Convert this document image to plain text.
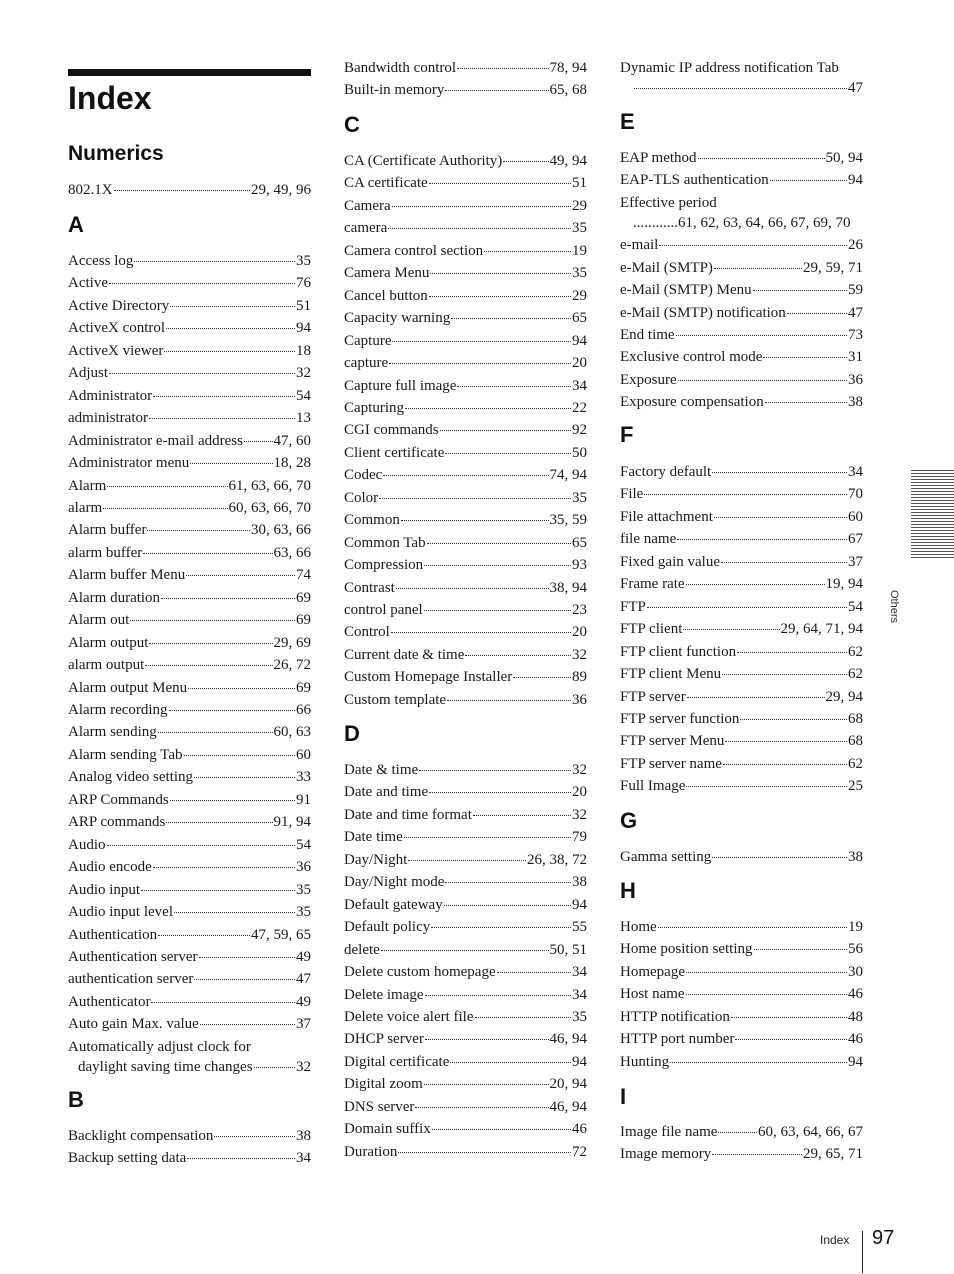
Index
Numerics
802.1X	29, 49, 96
A
Access log	35
Active	76
Active Directory	51
ActiveX control	94
ActiveX viewer	18
Adjust	32
Administrator	54
administrator	13
Administrator e-mail address 47, 60
Administrator menu	18, 28
Alarm	61, 63, 66, 70
alarm	60, 63, 66, 70
Alarm buffer	30, 63, 66
alarm buffer	63, 66
Alarm buffer Menu	74
Alarm duration	69
Alarm out	69
Alarm output	29, 69
alarm output	26, 72
Alarm output Menu	69
Alarm recording	66
Alarm sending	60, 63
Alarm sending Tab	60
Analog video setting	33
ARP Commands	91
ARP commands	91, 94
Audio	54
Audio encode	36
Audio input	35
Audio input level	35
Authentication	47, 59, 65
Authentication server	49
authentication server	47
Authenticator	49
Auto gain Max. value	37
Automatically adjust clock for
daylight saving time changes	32
B
Backlight compensation	38
Backup setting data	34
Bandwidth control	78, 94
Built-in memory	65, 68
C
CA (Certificate Authority)	49, 94
CA certificate	51
Camera	29
camera	35
Camera control section	19
Camera Menu	35
Cancel button	29
Capacity warning	65
Capture	94
capture	20
Capture full image	34
Capturing	22
CGI commands	92
Client certificate	50
Codec	74, 94
Color	35
Common	35, 59
Common Tab	65
Compression	93
Contrast	38, 94
control panel	23
Control	20
Current date & time	32
Custom Homepage Installer	89
Custom template	36
D
Date & time	32
Date and time	20
Date and time format	32
Date time	79
Day/Night	26, 38, 72
Day/Night mode	38
Default gateway	94
Default policy	55
delete	50, 51
Delete custom homepage	34
Delete image	34
Delete voice alert file	35
DHCP server	46, 94
Digital certificate	94
Digital zoom	20, 94
DNS server	46, 94
Domain suffix	46
Duration	72
Dynamic IP address notification Tab
47
E
EAP method	50, 94
EAP-TLS authentication	94
Effective period
............ 61, 62, 63, 64, 66, 67, 69, 70
e-mail	26
e-Mail (SMTP)	29, 59, 71
e-Mail (SMTP) Menu	59
e-Mail (SMTP) notification	47
End time	73
Exclusive control mode	31
Exposure	36
Exposure compensation	38
F
Factory default	34
File	70
File attachment	60
file name	67
Fixed gain value	37
Frame rate	19, 94
FTP	54
FTP client	29, 64, 71, 94
FTP client function	62
FTP client Menu	62
FTP server	29, 94
FTP server function	68
FTP server Menu	68
FTP server name	62
Full Image	25
G
Gamma setting	38
H
Home	19
Home position setting	56
Homepage	30
Host name	46
HTTP notification	48
HTTP port number	46
Hunting	94
I
Image file name	60, 63, 64, 66, 67
Image memory	29, 65, 71
Others
Index 97
